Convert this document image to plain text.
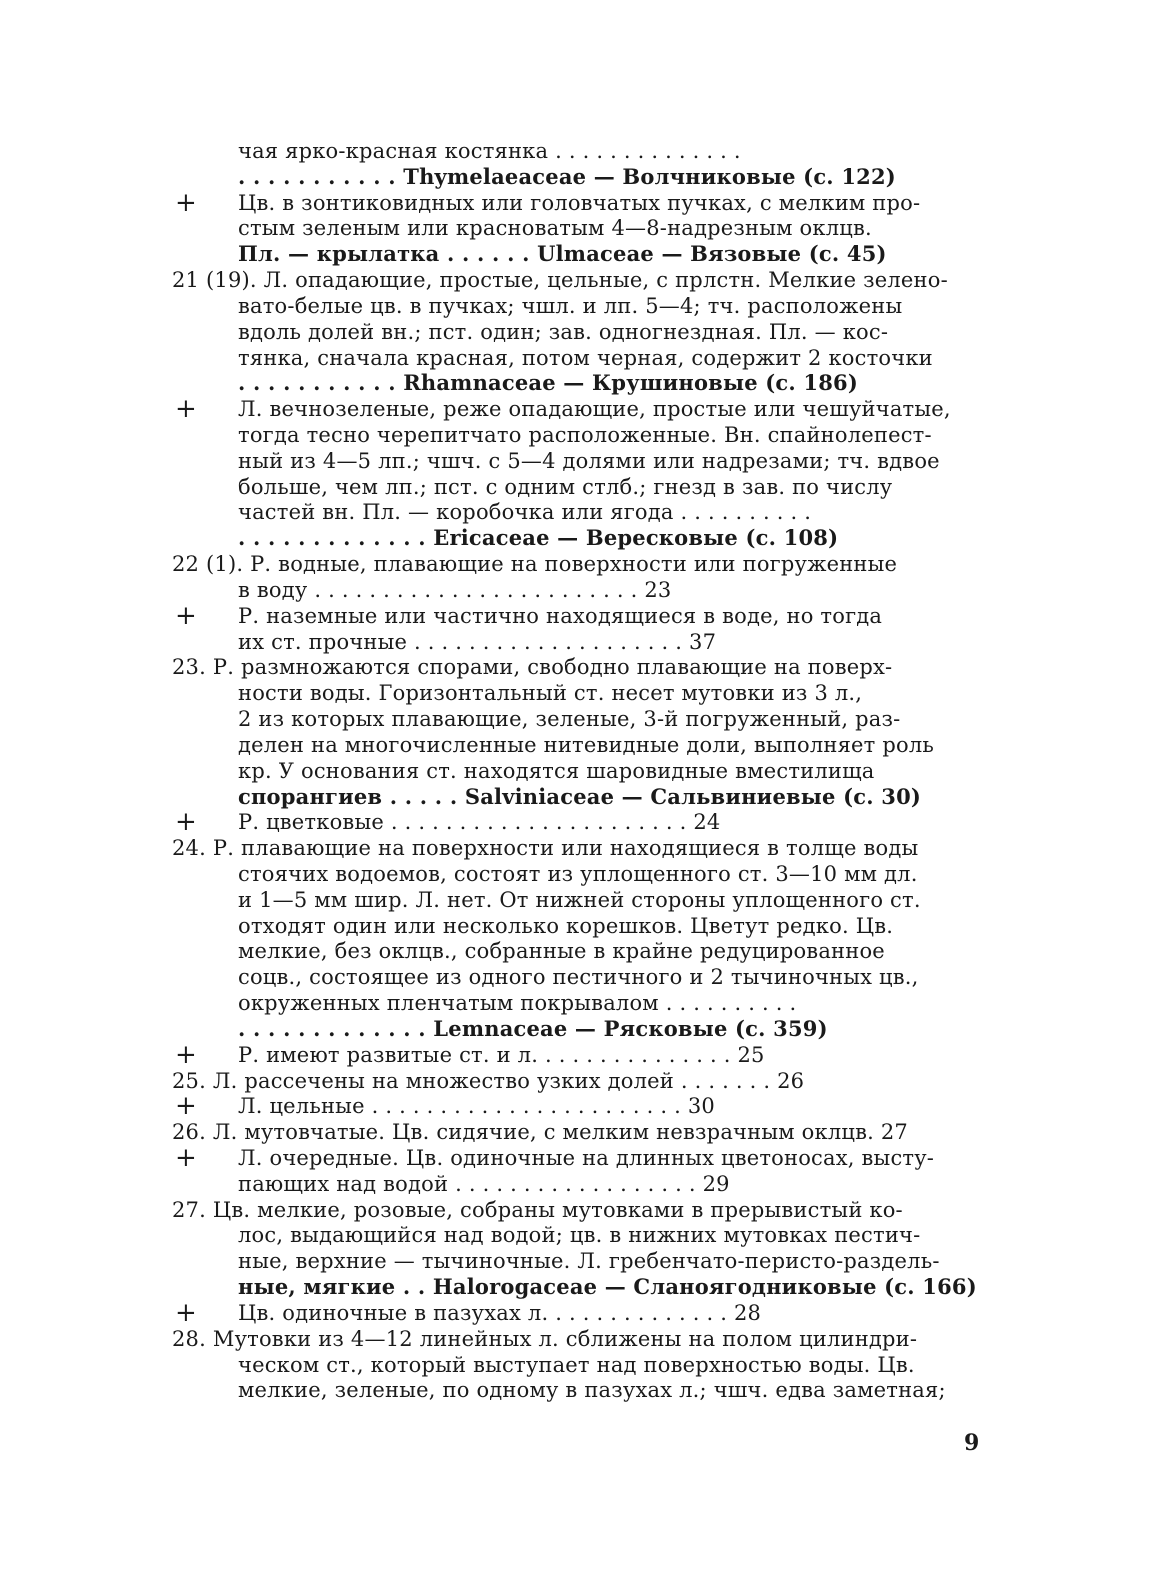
чая ярко-красная костянка . . . . . . . . . . . . . .
. . . . . . . . . . . Thymelaeaceae — Волчниковые (с. 122)
+	Цв. в зонтиковидных или головчатых пучках, с мелким про-
стым зеленым или красноватым 4—8-надрезным оклцв.
Пл. — крылатка . . . . . . Ulmaceae — Вязовые (с. 45)
21 (19). Л. опадающие, простые, цельные, с прлстн. Мелкие зелено-
вато-белые цв. в пучках; чшл. и лп. 5—4; тч. расположены
вдоль долей вн.; пст. один; зав. одногнездная. Пл. — кос-
тянка, сначала красная, потом черная, содержит 2 косточки
. . . . . . . . . . . Rhamnaceae — Крушиновые (с. 186)
+	Л. вечнозеленые, реже опадающие, простые или чешуйчатые,
тогда тесно черепитчато расположенные. Вн. спайнолепест-
ный из 4—5 лп.; чшч. с 5—4 долями или надрезами; тч. вдвое
больше, чем лп.; пст. с одним стлб.; гнезд в зав. по числу
частей вн. Пл. — коробочка или ягода . . . . . . . . . .
. . . . . . . . . . . . . Ericaceae — Вересковые (с. 108)
22 (1). Р. водные, плавающие на поверхности или погруженные
в воду . . . . . . . . . . . . . . . . . . . . . . . . 23
+	Р. наземные или частично находящиеся в воде, но тогда
их ст. прочные . . . . . . . . . . . . . . . . . . . . 37
23. Р. размножаются спорами, свободно плавающие на поверх-
ности воды. Горизонтальный ст. несет мутовки из 3 л.,
2 из которых плавающие, зеленые, 3-й погруженный, раз-
делен на многочисленные нитевидные доли, выполняет роль
кр. У основания ст. находятся шаровидные вместилища
спорангиев . . . . . Salviniaceae — Сальвиниевые (с. 30)
+	Р. цветковые . . . . . . . . . . . . . . . . . . . . . . 24
24. Р. плавающие на поверхности или находящиеся в толще воды
стоячих водоемов, состоят из уплощенного ст. 3—10 мм дл.
и 1—5 мм шир. Л. нет. От нижней стороны уплощенного ст.
отходят один или несколько корешков. Цветут редко. Цв.
мелкие, без оклцв., собранные в крайне редуцированное
соцв., состоящее из одного пестичного и 2 тычиночных цв.,
окруженных пленчатым покрывалом . . . . . . . . . .
. . . . . . . . . . . . . Lemnaceae — Рясковые (с. 359)
+	Р. имеют развитые ст. и л. . . . . . . . . . . . . . . 25
25. Л. рассечены на множество узких долей . . . . . . . 26
+	Л. цельные . . . . . . . . . . . . . . . . . . . . . . . 30
26. Л. мутовчатые. Цв. сидячие, с мелким невзрачным оклцв. 27
+	Л. очередные. Цв. одиночные на длинных цветоносах, высту-
пающих над водой . . . . . . . . . . . . . . . . . . 29
27. Цв. мелкие, розовые, собраны мутовками в прерывистый ко-
лос, выдающийся над водой; цв. в нижних мутовках пестич-
ные, верхние — тычиночные. Л. гребенчато-перисто-раздель-
ные, мягкие . . Halorogaceae — Сланоягодниковые (с. 166)
+	Цв. одиночные в пазухах л. . . . . . . . . . . . . . 28
28. Мутовки из 4—12 линейных л. сближены на полом цилиндри-
ческом ст., который выступает над поверхностью воды. Цв.
мелкие, зеленые, по одному в пазухах л.; чшч. едва заметная;
9
